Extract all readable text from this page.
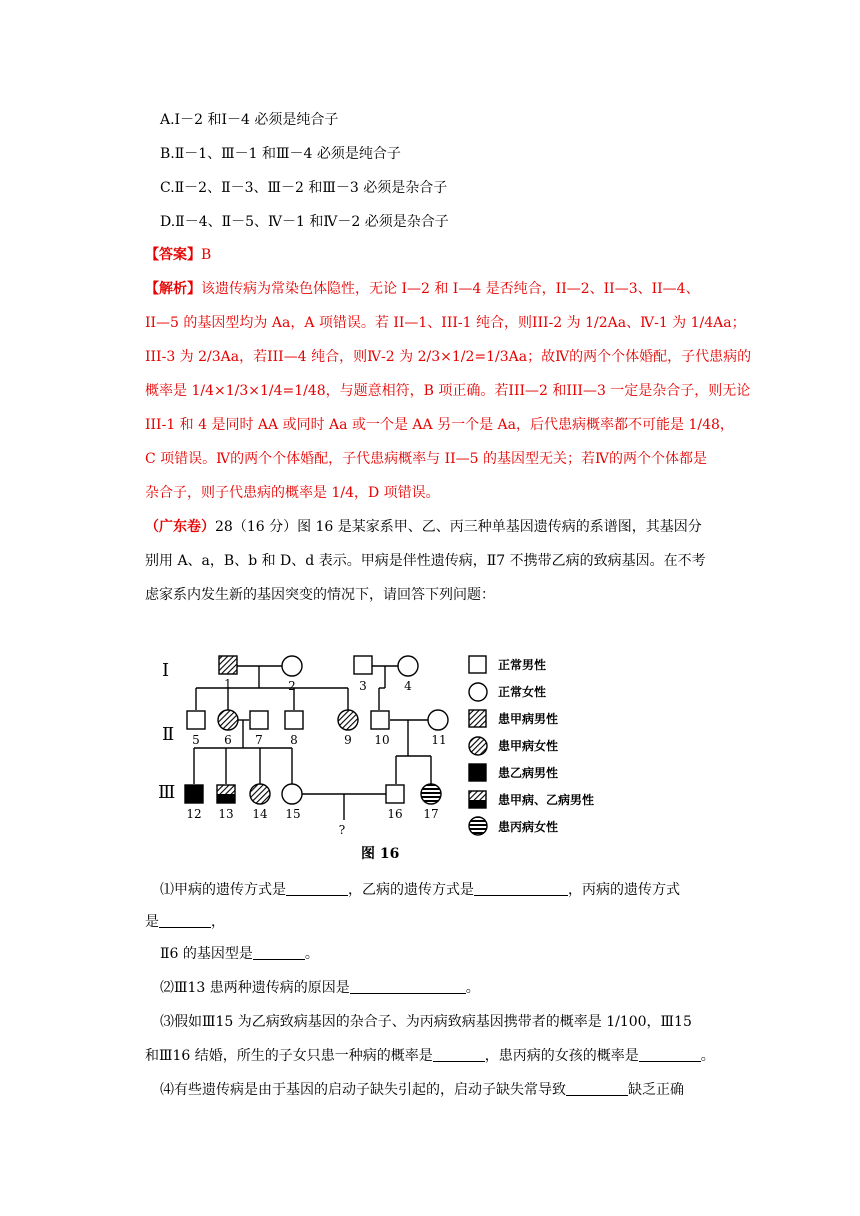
A.Ⅰ－2 和Ⅰ－4 必须是纯合子
B.Ⅱ－1、Ⅲ－1 和Ⅲ－4 必须是纯合子
C.Ⅱ－2、Ⅱ－3、Ⅲ－2 和Ⅲ－3 必须是杂合子
D.Ⅱ－4、Ⅱ－5、Ⅳ－1 和Ⅳ－2 必须是杂合子
【答案】B
【解析】该遗传病为常染色体隐性，无论 I—2 和 I—4 是否纯合，II—2、II—3、II—4、
II—5 的基因型均为 Aa，A 项错误。若 II—1、III-1 纯合，则III-2 为 1/2Aa、Ⅳ-1 为 1/4Aa；
III-3 为 2/3Aa，若III—4 纯合，则Ⅳ-2 为 2/3×1/2=1/3Aa；故Ⅳ的两个个体婚配，子代患病的
概率是 1/4×1/3×1/4=1/48，与题意相符，B 项正确。若III—2 和III—3 一定是杂合子，则无论
III-1 和 4 是同时 AA 或同时 Aa 或一个是 AA 另一个是 Aa，后代患病概率都不可能是 1/48，
C 项错误。Ⅳ的两个个体婚配，子代患病概率与 II—5 的基因型无关；若Ⅳ的两个个体都是
杂合子，则子代患病的概率是 1/4，D 项错误。
（广东卷）28（16 分）图 16 是某家系甲、乙、丙三种单基因遗传病的系谱图，其基因分
别用 A、a，B、b 和 D、d 表示。甲病是伴性遗传病，Ⅱ7 不携带乙病的致病基因。在不考
虑家系内发生新的基因突变的情况下，请回答下列问题：
Ⅰ
Ⅱ
Ⅲ
1	2	3	4
5 6 7 8	9 10	11
12 13 14 15	16 17
?
图 16
正常男性
正常女性
患甲病男性
患甲病女性
患乙病男性
患甲病、乙病男性
患丙病女性
⑴甲病的遗传方式是	，乙病的遗传方式是	，丙病的遗传方式
是	，
Ⅱ6 的基因型是	。
⑵Ⅲ13 患两种遗传病的原因是	。
⑶假如Ⅲ15 为乙病致病基因的杂合子、为丙病致病基因携带者的概率是 1/100，Ⅲ15
和Ⅲ16 结婚，所生的子女只患一种病的概率是	，患丙病的女孩的概率是	。
⑷有些遗传病是由于基因的启动子缺失引起的，启动子缺失常导致	缺乏正确
